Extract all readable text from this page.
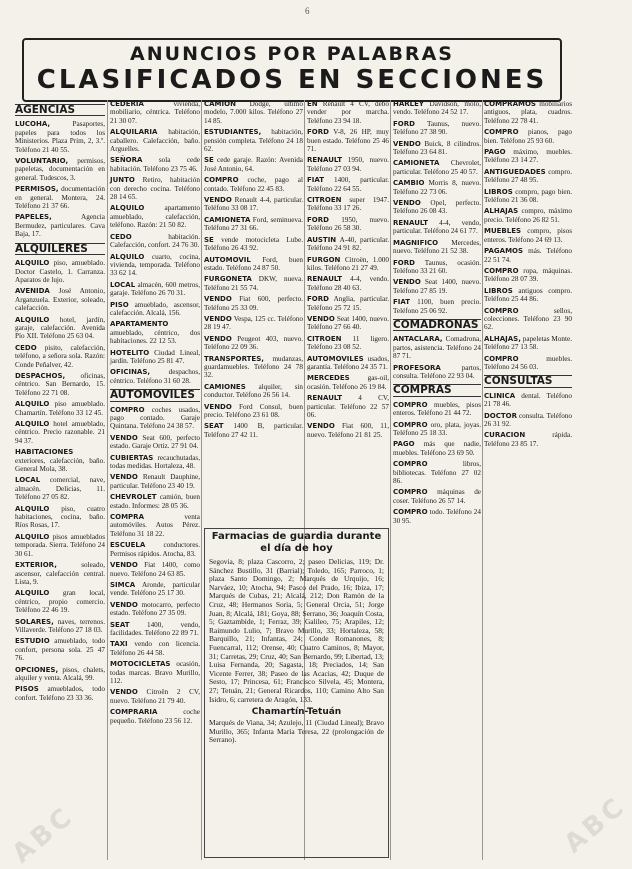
6
ANUNCIOS POR PALABRAS
CLASIFICADOS EN SECCIONES
AGENCIAS
LUCOHA, Pasaportes, papeles para todos los Ministerios. Plaza Prim, 2, 3.º. Teléfono 21 40 55.
VOLUNTARIO, permisos, papeletas, documentación en general. Tudescos, 3.
PERMISOS, documentación en general. Montera, 24. Teléfono 21 37 66.
PAPELES, Agencia Bermudez, particulares. Cava Baja, 17.
ALQUILERES
ALQUILO piso, amueblado. Doctor Castelo, 1. Carranza. Aparatos de lujo.
AVENIDA José Antonio, Arganzuela. Exterior, soleado, calefacción.
ALQUILO hotel, jardín, garaje, calefacción. Avenida Pío XII. Teléfono 25 63 04.
CEDO pisito, calefacción, teléfono, a señora sola. Razón: Conde Peñalver, 42.
DESPACHOS, oficinas, céntrico. San Bernardo, 15. Teléfono 22 71 08.
ALQUILO piso amueblado. Chamartín. Teléfono 33 12 45.
ALQUILO hotel amueblado, céntrico. Precio razonable. 21 94 37.
HABITACIONES exteriores, calefacción, baño. General Mola, 38.
LOCAL comercial, nave, almacén. Delicias, 11. Teléfono 27 05 82.
ALQUILO piso, cuatro habitaciones, cocina, baño. Ríos Rosas, 17.
ALQUILO pisos amueblados temporada. Sierra. Teléfono 24 30 61.
EXTERIOR, soleado, ascensor, calefacción central. Lista, 9.
ALQUILO gran local, céntrico, propio comercio. Teléfono 22 46 19.
SOLARES, naves, terrenos. Villaverde. Teléfono 27 18 03.
ESTUDIO amueblado, todo confort, persona sola. 25 47 76.
OPCIONES, pisos, chalets, alquiler y venta. Alcalá, 99.
PISOS amueblados, todo confort. Teléfono 23 33 36.
CEDERIA vivienda, mobiliario, céntrica. Teléfono 21 30 07.
ALQUILARIA habitación, caballero. Calefacción, baño. Arguelles.
SEÑORA sola cede habitación. Teléfono 23 75 46.
JUNTO Retiro, habitación con derecho cocina. Teléfono 28 14 65.
ALQUILO apartamento amueblado, calefacción, teléfono. Razón: 21 50 82.
CEDO habitación. Calefacción, confort. 24 76 30.
ALQUILO cuarto, cocina, vivienda, temporada. Teléfono 33 62 14.
LOCAL almacén, 600 metros, garaje. Teléfono 26 70 31.
PISO amueblado, ascensor, calefacción. Alcalá, 156.
APARTAMENTO amueblado, céntrico, dos habitaciones. 22 12 53.
HOTELITO Ciudad Lineal, jardín. Teléfono 25 81 47.
OFICINAS, despachos, céntrico. Teléfono 31 60 28.
AUTOMOVILES
COMPRO coches usados, pago contado. Garaje Quintana. Teléfono 24 38 57.
VENDO Seat 600, perfecto estado. Garaje Ortiz. 27 91 04.
CUBIERTAS recauchutadas, todas medidas. Hortaleza, 48.
VENDO Renault Dauphine, particular. Teléfono 23 40 19.
CHEVROLET camión, buen estado. Informes: 28 05 36.
COMPRA venta automóviles. Autos Pérez. Teléfono 31 18 22.
ESCUELA conductores. Permisos rápidos. Atocha, 83.
VENDO Fiat 1400, como nuevo. Teléfono 24 63 85.
SIMCA Aronde, particular vende. Teléfono 25 17 30.
VENDO motocarro, perfecto estado. Teléfono 27 35 09.
SEAT 1400, vendo, facilidades. Teléfono 22 89 71.
TAXI vendo con licencia. Teléfono 26 44 58.
MOTOCICLETAS ocasión, todas marcas. Bravo Murillo, 112.
VENDO Citroën 2 CV, nuevo. Teléfono 21 79 40.
COMPRARIA coche pequeño. Teléfono 23 56 12.
CAMION Dodge, último modelo, 7.000 kilos. Teléfono 27 14 85.
ESTUDIANTES, habitación, pensión completa. Teléfono 24 18 62.
SE cede garaje. Razón: Avenida José Antonio, 64.
COMPRO coche, pago al contado. Teléfono 22 45 83.
VENDO Renault 4-4, particular. Teléfono 33 08 17.
CAMIONETA Ford, seminueva. Teléfono 27 31 66.
SE vende motocicleta Lube. Teléfono 26 43 92.
AUTOMOVIL Ford, buen estado. Teléfono 24 87 50.
FURGONETA DKW, nueva. Teléfono 21 55 74.
VENDO Fiat 600, perfecto. Teléfono 25 33 09.
VENDO Vespa, 125 cc. Teléfono 28 19 47.
VENDO Peugeot 403, nuevo. Teléfono 22 09 36.
TRANSPORTES, mudanzas, guardamuebles. Teléfono 24 78 32.
CAMIONES alquiler, sin conductor. Teléfono 26 56 14.
VENDO Ford Consul, buen precio. Teléfono 23 61 08.
SEAT 1400 B, particular. Teléfono 27 42 11.
EN Renault 4 CV, debo vender por marcha. Teléfono 23 94 18.
FORD V-8, 26 HP, muy buen estado. Teléfono 25 46 71.
RENAULT 1950, nuevo. Teléfono 27 03 94.
FIAT 1400, particular. Teléfono 22 64 55.
CITROEN super 1947. Teléfono 33 17 26.
FORD 1950, nuevo. Teléfono 26 58 30.
AUSTIN A-40, particular. Teléfono 24 91 82.
FURGON Citroën, 1.000 kilos. Teléfono 21 27 49.
RENAULT 4-4, vendo. Teléfono 28 40 63.
FORD Anglia, particular. Teléfono 25 72 15.
VENDO Seat 1400, nuevo. Teléfono 27 66 40.
CITROEN 11 ligero. Teléfono 23 08 52.
AUTOMOVILES usados, garantía. Teléfono 24 35 71.
MERCEDES gas-oil, ocasión. Teléfono 26 19 84.
RENAULT 4 CV, particular. Teléfono 22 57 06.
VENDO Fiat 600, 11, nuevo. Teléfono 21 81 25.
HARLEY Davidson, moto, vendo. Teléfono 24 52 17.
FORD Taunus, nuevo. Teléfono 27 38 90.
VENDO Buick, 8 cilindros. Teléfono 23 64 81.
CAMIONETA Chevrolet, particular. Teléfono 25 40 57.
CAMBIO Morris 8, nuevo. Teléfono 22 73 06.
VENDO Opel, perfecto. Teléfono 26 08 43.
RENAULT 4-4, vendo, particular. Teléfono 24 61 77.
MAGNIFICO Mercedes, nuevo. Teléfono 21 52 38.
FORD Taunus, ocasión. Teléfono 33 21 60.
VENDO Seat 1400, nuevo. Teléfono 27 85 19.
FIAT 1100, buen precio. Teléfono 25 06 92.
COMADRONAS
ANTACLARA, Comadrona, partos, asistencia. Teléfono 24 87 71.
PROFESORA partos, consulta. Teléfono 22 93 04.
COMPRAS
COMPRO muebles, pisos enteros. Teléfono 21 44 72.
COMPRO oro, plata, joyas. Teléfono 25 18 33.
PAGO más que nadie, muebles. Teléfono 23 69 50.
COMPRO libros, bibliotecas. Teléfono 27 02 86.
COMPRO máquinas de coser. Teléfono 26 57 14.
COMPRO todo. Teléfono 24 30 95.
COMPRAMOS mobiliarios antiguos, plata, cuadros. Teléfono 22 78 41.
COMPRO pianos, pago bien. Teléfono 25 93 60.
PAGO máximo, muebles. Teléfono 23 14 27.
ANTIGUEDADES compro. Teléfono 27 48 95.
LIBROS compro, pago bien. Teléfono 21 36 08.
ALHAJAS compro, máximo precio. Teléfono 26 82 51.
MUEBLES compro, pisos enteros. Teléfono 24 69 13.
PAGAMOS más. Teléfono 22 51 74.
COMPRO ropa, máquinas. Teléfono 28 07 39.
LIBROS antiguos compro. Teléfono 25 44 86.
COMPRO sellos, colecciones. Teléfono 23 90 62.
ALHAJAS, papeletas Monte. Teléfono 27 13 58.
COMPRO muebles. Teléfono 24 56 03.
CONSULTAS
CLINICA dental. Teléfono 21 78 46.
DOCTOR consulta. Teléfono 26 31 92.
CURACION rápida. Teléfono 23 85 17.
Farmacias de guardia durante el día de hoy
Segovia, 8; plaza Cascorro, 2; paseo Delicias, 119; Dr. Sánchez Bustillo, 31 (Barrial); Toledo, 165; Parroco, 1; plaza Santo Domingo, 2; Marqués de Urquijo, 16; Narváez, 10; Atocha, 94; Pasco del Prado, 16; Ibiza, 17; Marqués de Cubas, 21; Alcalá, 212; Don Ramón de la Cruz, 48; Hermanos Soria, 5; General Orcia, 51; Jorge Juan, 8; Alcalá, 181; Goya, 88; Serrano, 36; Joaquín Costa, 5; Gaztambide, 1; Ferraz, 39; Galileo, 75; Arapiles, 12; Raimundo Lulio, 7; Bravo Murillo, 33; Hortaleza, 58; Barquillo, 21; Infantas, 24; Conde Romanones, 8; Fuencarral, 112; Orense, 40; Cuatro Caminos, 8; Mayor, 31; Carretas, 29; Cruz, 40; San Bernardo, 99; Libertad, 13; Luisa Fernanda, 20; Sagasta, 18; Preciados, 14; San Vicente Ferrer, 38; Paseo de las Acacias, 42; Duque de Sesto, 17; Princesa, 61; Francisco Silvela, 45; Montera, 27; Tetuán, 21; General Ricardos, 110; Camino Alto San Isidro, 6; carretera de Aragón, 133.
Chamartín-Tetuán
Marqués de Viana, 34; Azulejo, 11 (Ciudad Lineal); Bravo Murillo, 365; Infanta María Teresa, 22 (prolongación de Serrano).
ABC	ABC
